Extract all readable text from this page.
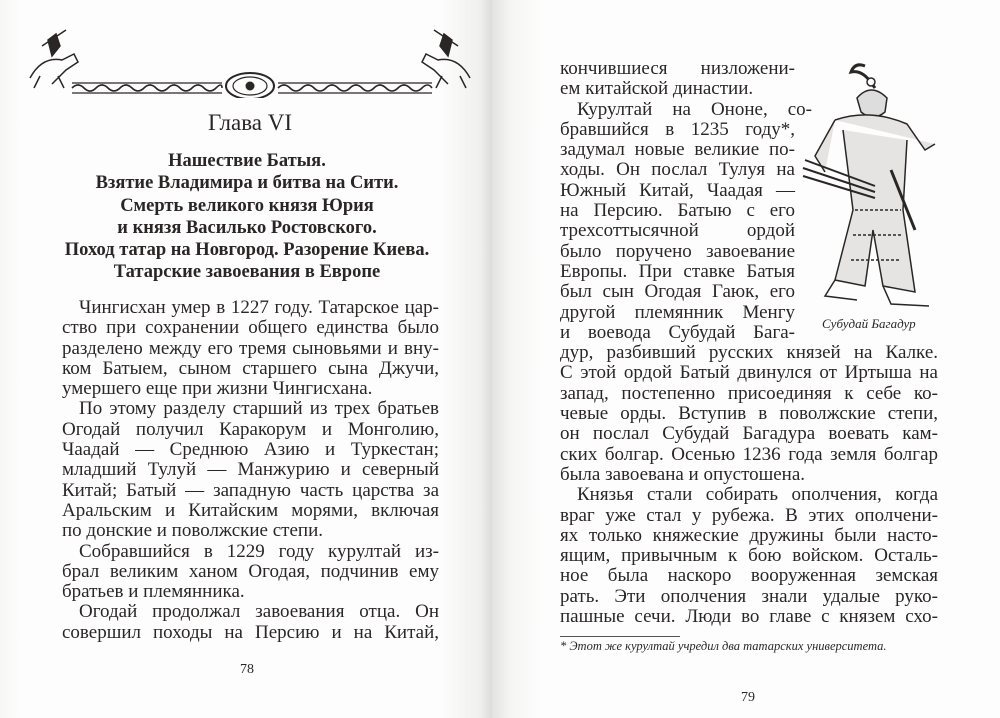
Глава VI
Нашествие Батыя.
Взятие Владимира и битва на Сити.
Смерть великого князя Юрия
и князя Василько Ростовского.
Поход татар на Новгород. Разорение Киева.
Татарские завоевания в Европе
Чингисхан умер в 1227 году. Татарское цар-
ство при сохранении общего единства было
разделено между его тремя сыновьями и вну-
ком Батыем, сыном старшего сына Джучи,
умершего еще при жизни Чингисхана.
По этому разделу старший из трех братьев
Огодай получил Каракорум и Монголию,
Чаадай — Среднюю Азию и Туркестан;
младший Тулуй — Манжурию и северный
Китай; Батый — западную часть царства за
Аральским и Китайским морями, включая
по донские и поволжские степи.
Собравшийся в 1229 году курултай из-
брал великим ханом Огодая, подчинив ему
братьев и племянника.
Огодай продолжал завоевания отца. Он
совершил походы на Персию и на Китай,
78
Субудай Багадур
кончившиеся низложени-
ем китайской династии.
Курултай на Ононе, со-
бравшийся в 1235 году*,
задумал новые великие по-
ходы. Он послал Тулуя на
Южный Китай, Чаадая —
на Персию. Батыю с его
трехсоттысячной ордой
было поручено завоевание
Европы. При ставке Батыя
был сын Огодая Гаюк, его
другой племянник Менгу
и воевода Субудай Бага-
дур, разбивший русских князей на Калке.
С этой ордой Батый двинулся от Иртыша на
запад, постепенно присоединяя к себе ко-
чевые орды. Вступив в поволжские степи,
он послал Субудай Багадура воевать кам-
ских болгар. Осенью 1236 года земля болгар
была завоевана и опустошена.
Князья стали собирать ополчения, когда
враг уже стал у рубежа. В этих ополчени-
ях только княжеские дружины были насто-
ящим, привычным к бою войском. Осталь-
ное была наскоро вооруженная земская
рать. Эти ополчения знали удалые руко-
пашные сечи. Люди во главе с князем схо-
* Этот же курултай учредил два татарских университета.
79
